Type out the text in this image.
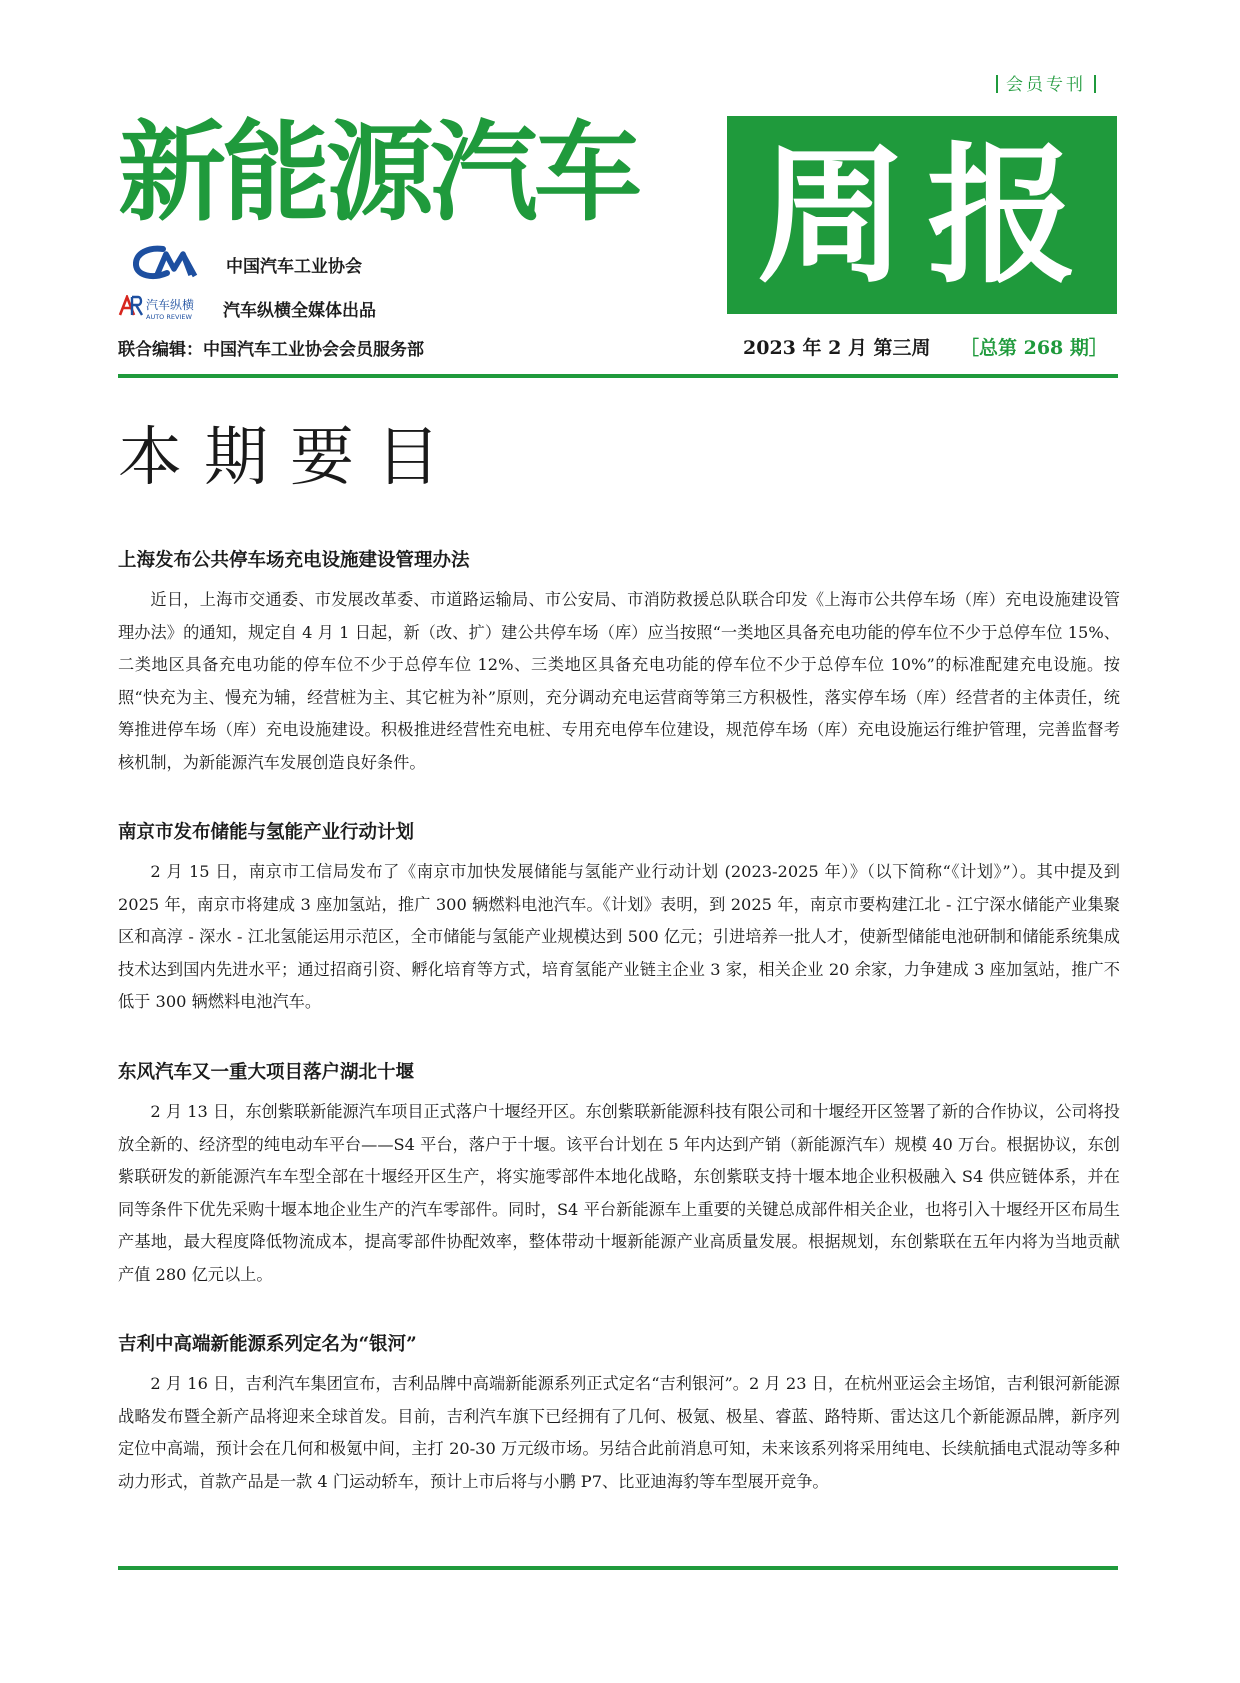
会员专刊
新能源汽车 周报
中国汽车工业协会
汽车纵横
AUTO REVIEW 汽车纵横全媒体出品
联合编辑：中国汽车工业协会会员服务部	2023 年 2 月 第三周 ［总第 268 期］
本期要目
上海发布公共停车场充电设施建设管理办法

近日，上海市交通委、市发展改革委、市道路运输局、市公安局、市消防救援总队联合印发《上海市公共停车场（库）充电设施建设管理办法》的通知，规定自 4 月 1 日起，新（改、扩）建公共停车场（库）应当按照“一类地区具备充电功能的停车位不少于总停车位 15%、二类地区具备充电功能的停车位不少于总停车位 12%、三类地区具备充电功能的停车位不少于总停车位 10%”的标准配建充电设施。按照“快充为主、慢充为辅，经营桩为主、其它桩为补”原则，充分调动充电运营商等第三方积极性，落实停车场（库）经营者的主体责任，统筹推进停车场（库）充电设施建设。积极推进经营性充电桩、专用充电停车位建设，规范停车场（库）充电设施运行维护管理，完善监督考核机制，为新能源汽车发展创造良好条件。

南京市发布储能与氢能产业行动计划

2 月 15 日，南京市工信局发布了《南京市加快发展储能与氢能产业行动计划 (2023-2025 年）》（以下简称“《计划》”）。其中提及到 2025 年，南京市将建成 3 座加氢站，推广 300 辆燃料电池汽车。《计划》表明，到 2025 年，南京市要构建江北 - 江宁深水储能产业集聚区和高淳 - 深水 - 江北氢能运用示范区，全市储能与氢能产业规模达到 500 亿元；引进培养一批人才，使新型储能电池研制和储能系统集成技术达到国内先进水平；通过招商引资、孵化培育等方式，培育氢能产业链主企业 3 家，相关企业 20 余家，力争建成 3 座加氢站，推广不低于 300 辆燃料电池汽车。

东风汽车又一重大项目落户湖北十堰

2 月 13 日，东创紫联新能源汽车项目正式落户十堰经开区。东创紫联新能源科技有限公司和十堰经开区签署了新的合作协议，公司将投放全新的、经济型的纯电动车平台——S4 平台，落户于十堰。该平台计划在 5 年内达到产销（新能源汽车）规模 40 万台。根据协议，东创紫联研发的新能源汽车车型全部在十堰经开区生产，将实施零部件本地化战略，东创紫联支持十堰本地企业积极融入 S4 供应链体系，并在同等条件下优先采购十堰本地企业生产的汽车零部件。同时，S4 平台新能源车上重要的关键总成部件相关企业，也将引入十堰经开区布局生产基地，最大程度降低物流成本，提高零部件协配效率，整体带动十堰新能源产业高质量发展。根据规划，东创紫联在五年内将为当地贡献产值 280 亿元以上。

吉利中高端新能源系列定名为“银河”

2 月 16 日，吉利汽车集团宣布，吉利品牌中高端新能源系列正式定名“吉利银河”。2 月 23 日，在杭州亚运会主场馆，吉利银河新能源战略发布暨全新产品将迎来全球首发。目前，吉利汽车旗下已经拥有了几何、极氪、极星、睿蓝、路特斯、雷达这几个新能源品牌，新序列定位中高端，预计会在几何和极氪中间，主打 20-30 万元级市场。另结合此前消息可知，未来该系列将采用纯电、长续航插电式混动等多种动力形式，首款产品是一款 4 门运动轿车，预计上市后将与小鹏 P7、比亚迪海豹等车型展开竞争。
